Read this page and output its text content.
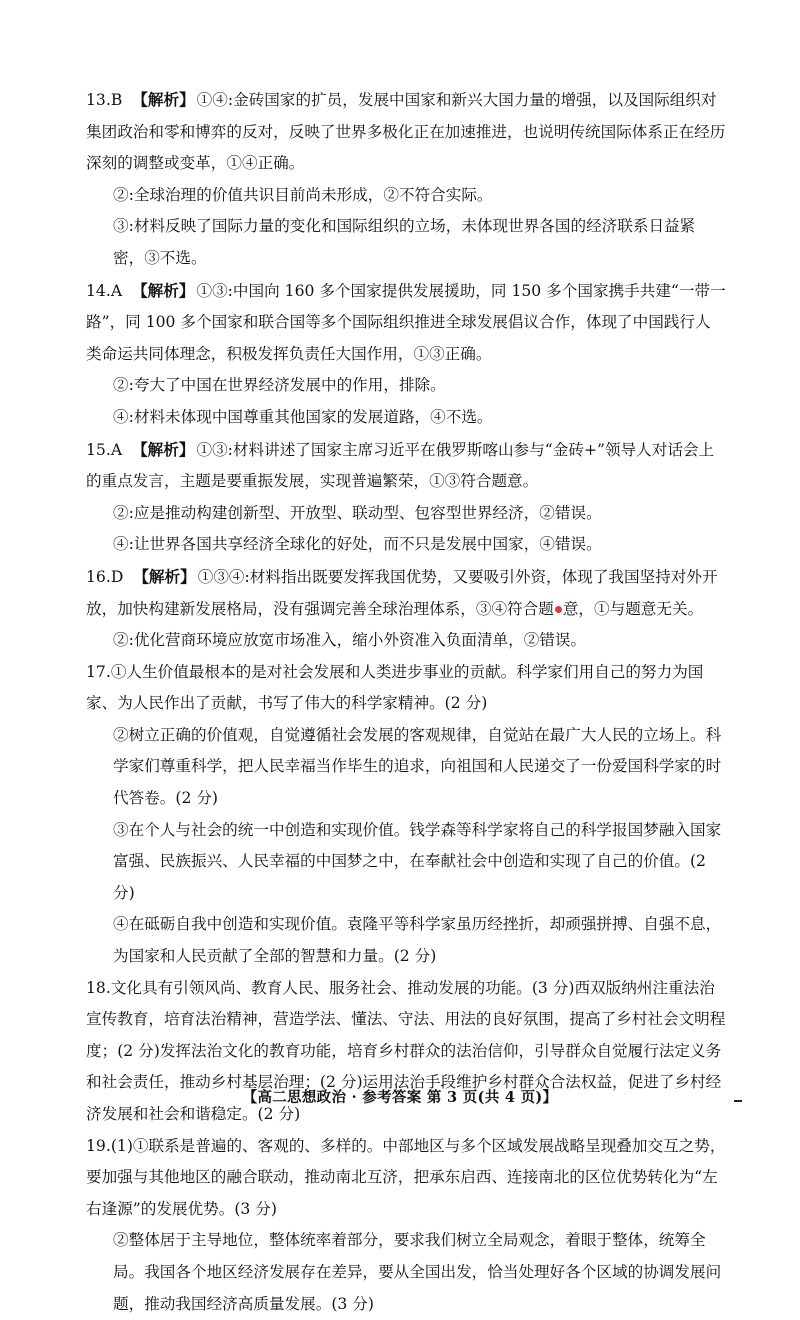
13.B 【解析】 ①④:金砖国家的扩员，发展中国家和新兴大国力量的增强，以及国际组织对集团政治和零和博弈的反对，反映了世界多极化正在加速推进，也说明传统国际体系正在经历深刻的调整或变革，①④正确。

②:全球治理的价值共识目前尚未形成，②不符合实际。

③:材料反映了国际力量的变化和国际组织的立场，未体现世界各国的经济联系日益紧密，③不选。

14.A 【解析】 ①③:中国向 160 多个国家提供发展援助，同 150 多个国家携手共建“一带一路”，同 100 多个国家和联合国等多个国际组织推进全球发展倡议合作，体现了中国践行人类命运共同体理念，积极发挥负责任大国作用，①③正确。

②:夸大了中国在世界经济发展中的作用，排除。

④:材料未体现中国尊重其他国家的发展道路，④不选。

15.A 【解析】 ①③:材料讲述了国家主席习近平在俄罗斯喀山参与“金砖+”领导人对话会上的重点发言，主题是要重振发展，实现普遍繁荣，①③符合题意。

②:应是推动构建创新型、开放型、联动型、包容型世界经济，②错误。

④:让世界各国共享经济全球化的好处，而不只是发展中国家，④错误。

16.D 【解析】 ①③④:材料指出既要发挥我国优势，又要吸引外资，体现了我国坚持对外开放，加快构建新发展格局，没有强调完善全球治理体系，③④符合题 意，①与题意无关。

②:优化营商环境应放宽市场准入，缩小外资准入负面清单，②错误。

17.①人生价值最根本的是对社会发展和人类进步事业的贡献。科学家们用自己的努力为国家、为人民作出了贡献，书写了伟大的科学家精神。(2 分)

②树立正确的价值观，自觉遵循社会发展的客观规律，自觉站在最广大人民的立场上。科学家们尊重科学，把人民幸福当作毕生的追求，向祖国和人民递交了一份爱国科学家的时代答卷。(2 分)

③在个人与社会的统一中创造和实现价值。钱学森等科学家将自己的科学报国梦融入国家富强、民族振兴、人民幸福的中国梦之中，在奉献社会中创造和实现了自己的价值。(2 分)

④在砥砺自我中创造和实现价值。袁隆平等科学家虽历经挫折，却顽强拼搏、自强不息，为国家和人民贡献了全部的智慧和力量。(2 分)

18.文化具有引领风尚、教育人民、服务社会、推动发展的功能。(3 分)西双版纳州注重法治宣传教育，培育法治精神，营造学法、懂法、守法、用法的良好氛围，提高了乡村社会文明程度；(2 分)发挥法治文化的教育功能，培育乡村群众的法治信仰，引导群众自觉履行法定义务和社会责任，推动乡村基层治理；(2 分)运用法治手段维护乡村群众合法权益，促进了乡村经济发展和社会和谐稳定。(2 分)

19.(1)①联系是普遍的、客观的、多样的。中部地区与多个区域发展战略呈现叠加交互之势，要加强与其他地区的融合联动，推动南北互济，把承东启西、连接南北的区位优势转化为“左右逢源”的发展优势。(3 分)

②整体居于主导地位，整体统率着部分，要求我们树立全局观念，着眼于整体，统筹全局。我国各个地区经济发展存在差异，要从全国出发，恰当处理好各个区域的协调发展问题，推动我国经济高质量发展。(3 分)

【高二思想政治 · 参考答案 第 3 页(共 4 页)】
